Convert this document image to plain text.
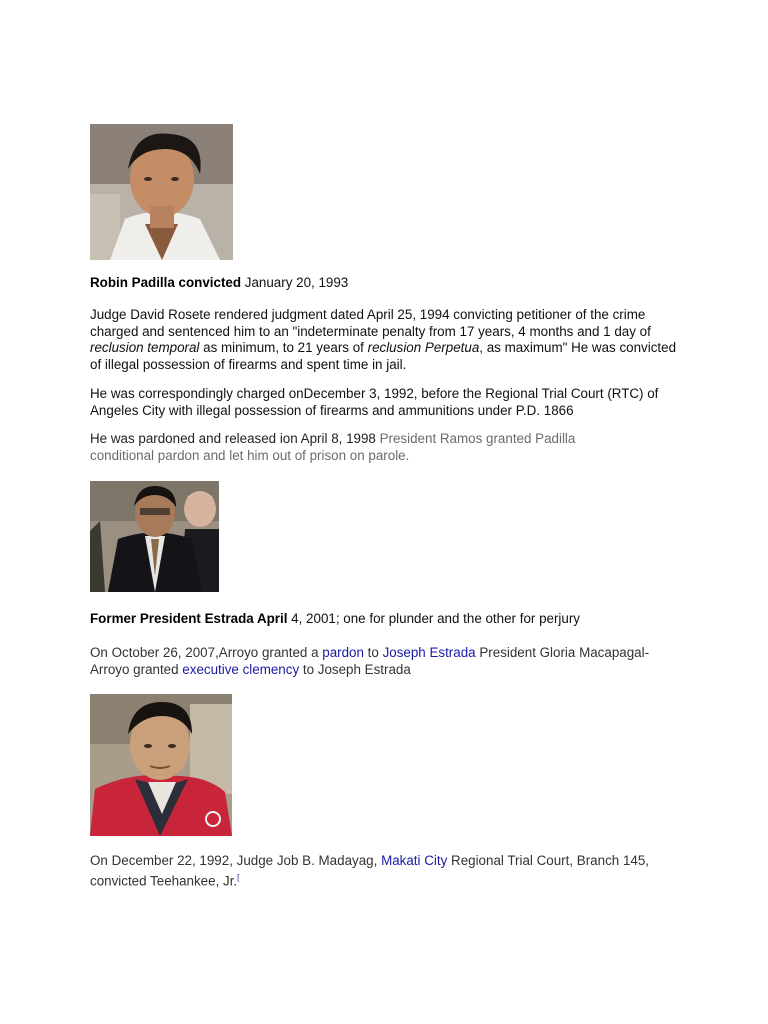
Robin Padilla convicted January 20, 1993

Judge David Rosete rendered judgment dated April 25, 1994 convicting petitioner of the crime charged and sentenced him to an "indeterminate penalty from 17 years, 4 months and 1 day of reclusion temporal as minimum, to 21 years of reclusion Perpetua, as maximum" He was convicted of illegal possession of firearms and spent time in jail.

He was correspondingly charged onDecember 3, 1992, before the Regional Trial Court (RTC) of Angeles City with illegal possession of firearms and ammunitions under P.D. 1866

He was pardoned and released ion April 8, 1998 President Ramos granted Padilla conditional pardon and let him out of prison on parole.

Former President Estrada April 4, 2001; one for plunder and the other for perjury

On October 26, 2007,Arroyo granted a pardon to Joseph Estrada President Gloria Macapagal-Arroyo granted executive clemency to Joseph Estrada

On December 22, 1992, Judge Job B. Madayag, Makati City Regional Trial Court, Branch 145, convicted Teehankee, Jr.[
